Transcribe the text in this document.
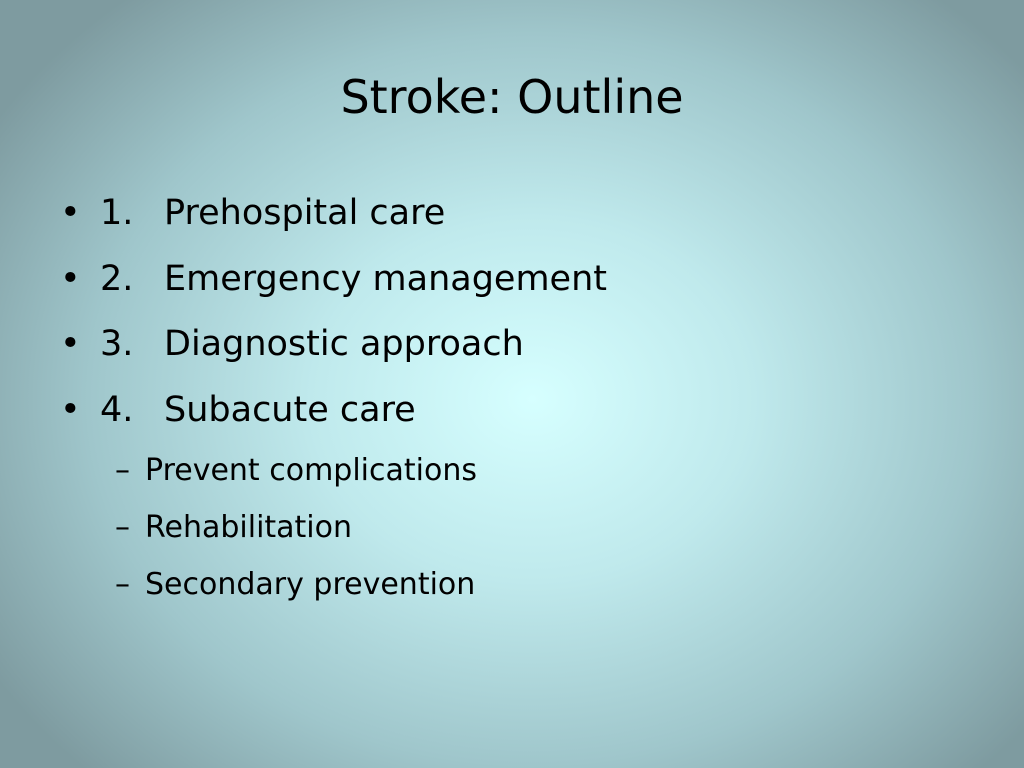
Stroke: Outline
• 1. Prehospital care
• 2. Emergency management
• 3. Diagnostic approach
• 4. Subacute care
– Prevent complications
– Rehabilitation
– Secondary prevention
